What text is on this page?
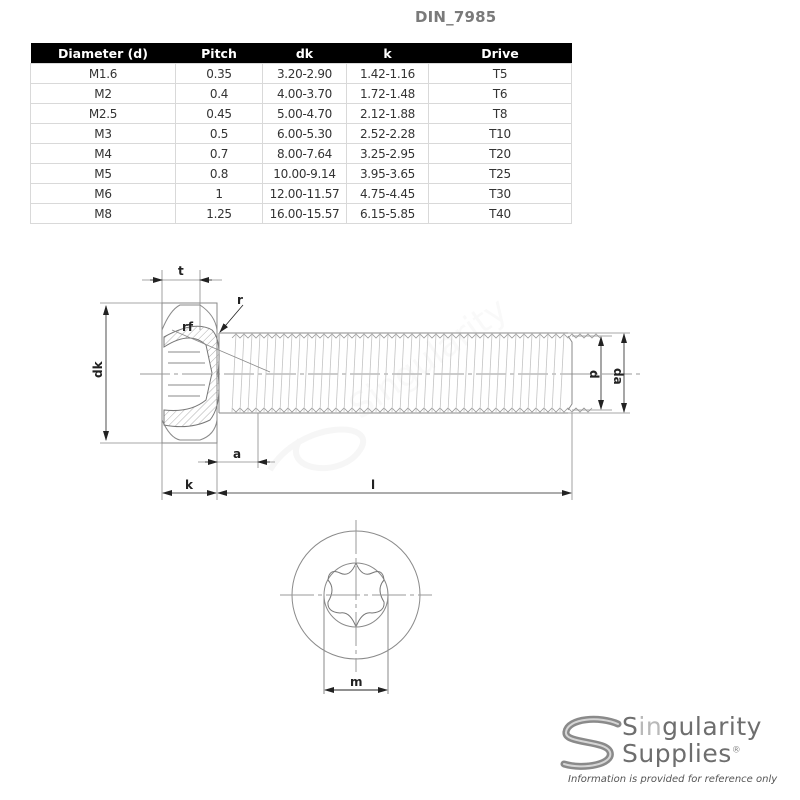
DIN_7985
Diameter (d)	Pitch	dk	k	Drive
M1.6	0.35	3.20-2.90	1.42-1.16	T5
M2	0.4	4.00-3.70	1.72-1.48	T6
M2.5	0.45	5.00-4.70	2.12-1.88	T8
M3	0.5	6.00-5.30	2.52-2.28	T10
M4	0.7	8.00-7.64	3.25-2.95	T20
M5	0.8	10.00-9.14	3.95-3.65	T25
M6	1	12.00-11.57	4.75-4.45	T30
M8	1.25	16.00-15.57	6.15-5.85	T40
Singularity
t
r
rf
dk
a
k	l
d da
m
Singularity
Supplies®
Information is provided for reference only
